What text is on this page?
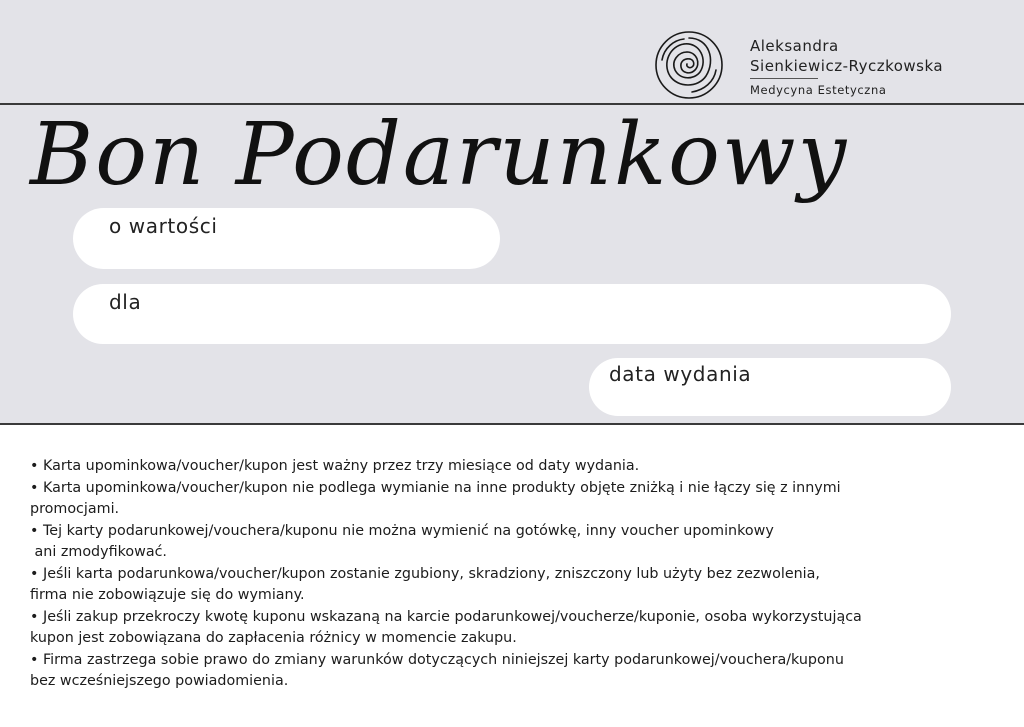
Aleksandra
Sienkiewicz-Ryczkowska
Medycyna Estetyczna
Bon Podarunkowy
o wartości
dla
data wydania

• Karta upominkowa/voucher/kupon jest ważny przez trzy miesiące od daty wydania.

• Karta upominkowa/voucher/kupon nie podlega wymianie na inne produkty objęte zniżką i nie łączy się z innymi

promocjami.

• Tej karty podarunkowej/vouchera/kuponu nie można wymienić na gotówkę, inny voucher upominkowy

ani zmodyfikować.

• Jeśli karta podarunkowa/voucher/kupon zostanie zgubiony, skradziony, zniszczony lub użyty bez zezwolenia,

firma nie zobowiązuje się do wymiany.

• Jeśli zakup przekroczy kwotę kuponu wskazaną na karcie podarunkowej/voucherze/kuponie, osoba wykorzystująca

kupon jest zobowiązana do zapłacenia różnicy w momencie zakupu.

• Firma zastrzega sobie prawo do zmiany warunków dotyczących niniejszej karty podarunkowej/vouchera/kuponu

bez wcześniejszego powiadomienia.
